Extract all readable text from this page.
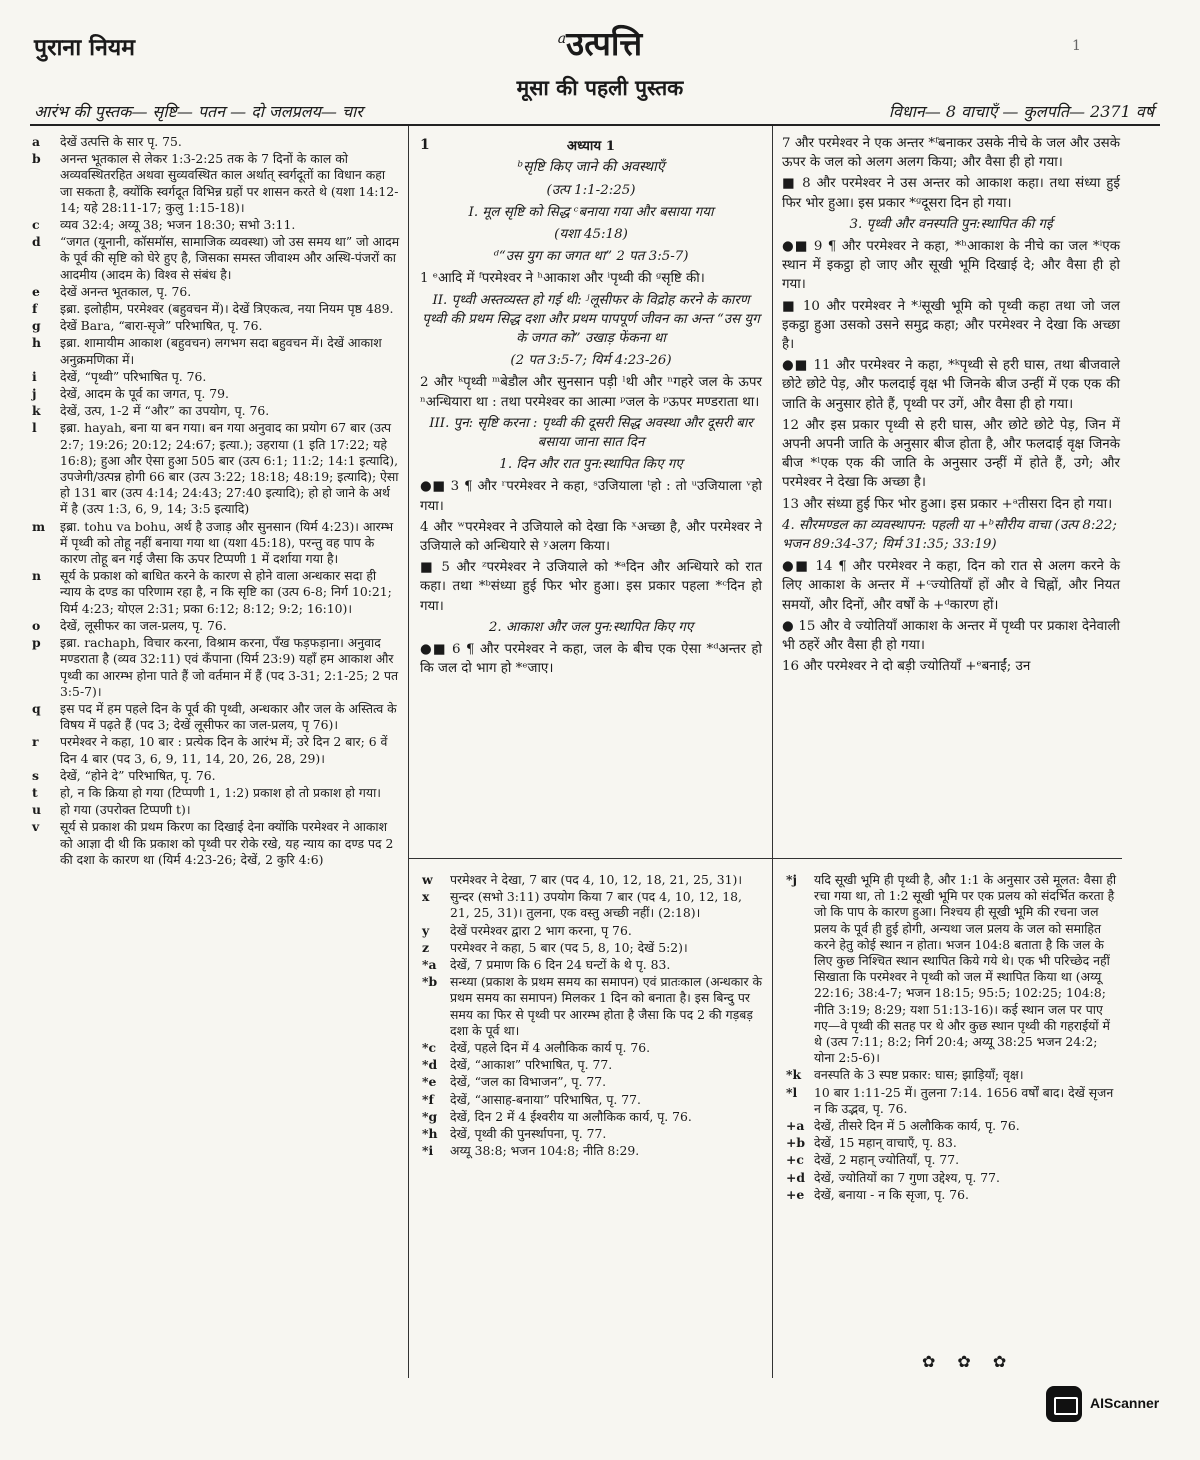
पुराना नियम	$^a$उत्पत्ति	1
मूसा की पहली पुस्तक
आरंभ की पुस्तक— सृष्टि— पतन — दो जलप्रलय— चार	विधान— 8 वाचाएँ — कुलपति— 2371 वर्ष
a देखें उत्पत्ति के सार पृ. 75.
b अनन्त भूतकाल से लेकर 1:3-2:25 तक के 7 दिनों के काल को अव्यवस्थितरहित अथवा सुव्यवस्थित काल अर्थात् स्वर्गदूतों का विधान कहा जा सकता है, क्योंकि स्वर्गदूत विभिन्न ग्रहों पर शासन करते थे (यशा 14:12-14; यहे 28:11-17; कुलु 1:15-18)।
c व्यव 32:4; अय्यू 38; भजन 18:30; सभो 3:11.
d “जगत (यूनानी, कॉसमॉस, सामाजिक व्यवस्था) जो उस समय था” जो आदम के पूर्व की सृष्टि को घेरे हुए है, जिसका समस्त जीवाश्म और अस्थि-पंजरों का आदमीय (आदम के) विश्व से संबंध है।
e देखें अनन्त भूतकाल, पृ. 76.
f इब्रा. इलोहीम, परमेश्वर (बहुवचन में)। देखें त्रिएकत्व, नया नियम पृष्ठ 489.
g देखें Bara, “बारा-सृजे” परिभाषित, पृ. 76.
h इब्रा. शामायीम आकाश (बहुवचन) लगभग सदा बहुवचन में। देखें आकाश अनुक्रमणिका में।
i देखें, “पृथ्वी” परिभाषित पृ. 76.
j देखें, आदम के पूर्व का जगत, पृ. 79.
k देखें, उत्प, 1-2 में “और” का उपयोग, पृ. 76.
l इब्रा. hayah, बना या बन गया। बन गया अनुवाद का प्रयोग 67 बार (उत्प 2:7; 19:26; 20:12; 24:67; इत्या.); उहराया (1 इति 17:22; यहे 16:8); हुआ और ऐसा हुआ 505 बार (उत्प 6:1; 11:2; 14:1 इत्यादि), उपजेगी/उत्पन्न होगी 66 बार (उत्प 3:22; 18:18; 48:19; इत्यादि); ऐसा हो 131 बार (उत्प 4:14; 24:43; 27:40 इत्यादि); हो हो जाने के अर्थ में है (उत्प 1:3, 6, 9, 14; 3:5 इत्यादि)
m इब्रा. tohu va bohu, अर्थ है उजाड़ और सुनसान (यिर्म 4:23)। आरम्भ में पृथ्वी को तोहू नहीं बनाया गया था (यशा 45:18), परन्तु वह पाप के कारण तोहू बन गई जैसा कि ऊपर टिप्पणी 1 में दर्शाया गया है।
n सूर्य के प्रकाश को बाधित करने के कारण से होने वाला अन्धकार सदा ही न्याय के दण्ड का परिणाम रहा है, न कि सृष्टि का (उत्प 6-8; निर्ग 10:21; यिर्म 4:23; योएल 2:31; प्रका 6:12; 8:12; 9:2; 16:10)।
o देखें, लूसीफर का जल-प्रलय, पृ. 76.
p इब्रा. rachaph, विचार करना, विश्राम करना, पँख फड़फड़ाना। अनुवाद मण्डराता है (व्यव 32:11) एवं कँपाना (यिर्म 23:9) यहाँ हम आकाश और पृथ्वी का आरम्भ होना पाते हैं जो वर्तमान में हैं (पद 3-31; 2:1-25; 2 पत 3:5-7)।
q इस पद में हम पहले दिन के पूर्व की पृथ्वी, अन्धकार और जल के अस्तित्व के विषय में पढ़ते हैं (पद 3; देखें लूसीफर का जल-प्रलय, पृ 76)।
r परमेश्वर ने कहा, 10 बार : प्रत्येक दिन के आरंभ में; उरे दिन 2 बार; 6 वें दिन 4 बार (पद 3, 6, 9, 11, 14, 20, 26, 28, 29)।
s देखें, “होने दे” परिभाषित, पृ. 76.
t हो, न कि क्रिया हो गया (टिप्पणी 1, 1:2) प्रकाश हो तो प्रकाश हो गया।
u हो गया (उपरोक्त टिप्पणी t)।
v सूर्य से प्रकाश की प्रथम किरण का दिखाई देना क्योंकि परमेश्वर ने आकाश को आज्ञा दी थी कि प्रकाश को पृथ्वी पर रोके रखे, यह न्याय का दण्ड पद 2 की दशा के कारण था (यिर्म 4:23-26; देखें, 2 कुरि 4:6)
1	अध्याय 1
ᵇसृष्टि किए जाने की अवस्थाएँ
(उत्प 1:1-2:25)
I. मूल सृष्टि को सिद्ध ᶜबनाया गया और बसाया गया
(यशा 45:18)
ᵈ“उस युग का जगत था” 2 पत 3:5-7)
1 ᵉआदि में ᶠपरमेश्वर ने ʰआकाश और ⁱपृथ्वी की ᵍसृष्टि की।
II. पृथ्वी अस्तव्यस्त हो गई थी: ʲलूसीफर के विद्रोह करने के कारण पृथ्वी की प्रथम सिद्ध दशा और प्रथम पापपूर्ण जीवन का अन्त “उस युग के जगत को” उखाड़ फेंकना था
(2 पत 3:5-7; यिर्म 4:23-26)
2 और ᵏपृथ्वी ᵐबेडौल और सुनसान पड़ी ˡथी और ⁿगहरे जल के ऊपर ⁿअन्धियारा था : तथा परमेश्वर का आत्मा ᵖजल के ᵖऊपर मण्डराता था।
III. पुन: सृष्टि करना : पृथ्वी की दूसरी सिद्ध अवस्था और दूसरी बार बसाया जाना सात दिन
1. दिन और रात पुन:स्थापित किए गए
●■ 3 ¶ और ʳपरमेश्वर ने कहा, ˢउजियाला ᵗहो : तो ᵘउजियाला ᵛहो गया।
4 और ʷपरमेश्वर ने उजियाले को देखा कि ˣअच्छा है, और परमेश्वर ने उजियाले को अन्धियारे से ʸअलग किया।
■ 5 और ᶻपरमेश्वर ने उजियाले को *ᵃदिन और अन्धियारे को रात कहा। तथा *ᵇसंध्या हुई फिर भोर हुआ। इस प्रकार पहला *ᶜदिन हो गया।
2. आकाश और जल पुन:स्थापित किए गए
●■ 6 ¶ और परमेश्वर ने कहा, जल के बीच एक ऐसा *ᵈअन्तर हो कि जल दो भाग हो *ᵉजाए।
7 और परमेश्वर ने एक अन्तर *ᶠबनाकर उसके नीचे के जल और उसके ऊपर के जल को अलग अलग किया; और वैसा ही हो गया।
■ 8 और परमेश्वर ने उस अन्तर को आकाश कहा। तथा संध्या हुई फिर भोर हुआ। इस प्रकार *ᵍदूसरा दिन हो गया।
3. पृथ्वी और वनस्पति पुन:स्थापित की गई
●■ 9 ¶ और परमेश्वर ने कहा, *ʰआकाश के नीचे का जल *ⁱएक स्थान में इकट्ठा हो जाए और सूखी भूमि दिखाई दे; और वैसा ही हो गया।
■ 10 और परमेश्वर ने *ʲसूखी भूमि को पृथ्वी कहा तथा जो जल इकट्ठा हुआ उसको उसने समुद्र कहा; और परमेश्वर ने देखा कि अच्छा है।
●■ 11 और परमेश्वर ने कहा, *ᵏपृथ्वी से हरी घास, तथा बीजवाले छोटे छोटे पेड़, और फलदाई वृक्ष भी जिनके बीज उन्हीं में एक एक की जाति के अनुसार होते हैं, पृथ्वी पर उगें, और वैसा ही हो गया।
12 और इस प्रकार पृथ्वी से हरी घास, और छोटे छोटे पेड़, जिन में अपनी अपनी जाति के अनुसार बीज होता है, और फलदाई वृक्ष जिनके बीज *ˡएक एक की जाति के अनुसार उन्हीं में होते हैं, उगे; और परमेश्वर ने देखा कि अच्छा है।
13 और संध्या हुई फिर भोर हुआ। इस प्रकार +ᵃतीसरा दिन हो गया।
4. सौरमण्डल का व्यवस्थापन: पहली या +ᵇसौरीय वाचा (उत्प 8:22; भजन 89:34-37; यिर्म 31:35; 33:19)
●■ 14 ¶ और परमेश्वर ने कहा, दिन को रात से अलग करने के लिए आकाश के अन्तर में +ᶜज्योतियाँ हों और वे चिह्नों, और नियत समयों, और दिनों, और वर्षों के +ᵈकारण हों।
● 15 और वे ज्योतियाँ आकाश के अन्तर में पृथ्वी पर प्रकाश देनेवाली भी ठहरें और वैसा ही हो गया।
16 और परमेश्वर ने दो बड़ी ज्योतियाँ +ᵉबनाईं; उन
w परमेश्वर ने देखा, 7 बार (पद 4, 10, 12, 18, 21, 25, 31)।
x सुन्दर (सभो 3:11) उपयोग किया 7 बार (पद 4, 10, 12, 18, 21, 25, 31)। तुलना, एक वस्तु अच्छी नहीं। (2:18)।
y देखें परमेश्वर द्वारा 2 भाग करना, पृ 76.
z परमेश्वर ने कहा, 5 बार (पद 5, 8, 10; देखें 5:2)।
*a देखें, 7 प्रमाण कि 6 दिन 24 घन्टों के थे पृ. 83.
*b सन्ध्या (प्रकाश के प्रथम समय का समापन) एवं प्रातःकाल (अन्धकार के प्रथम समय का समापन) मिलकर 1 दिन को बनाता है। इस बिन्दु पर समय का फिर से पृथ्वी पर आरम्भ होता है जैसा कि पद 2 की गड़बड़ दशा के पूर्व था।
*c देखें, पहले दिन में 4 अलौकिक कार्य पृ. 76.
*d देखें, “आकाश” परिभाषित, पृ. 77.
*e देखें, “जल का विभाजन”, पृ. 77.
*f देखें, “आसाह-बनाया” परिभाषित, पृ. 77.
*g देखें, दिन 2 में 4 ईश्वरीय या अलौकिक कार्य, पृ. 76.
*h देखें, पृथ्वी की पुनर्स्थापना, पृ. 77.
*i अय्यू 38:8; भजन 104:8; नीति 8:29.
*j यदि सूखी भूमि ही पृथ्वी है, और 1:1 के अनुसार उसे मूलत: वैसा ही रचा गया था, तो 1:2 सूखी भूमि पर एक प्रलय को संदर्भित करता है जो कि पाप के कारण हुआ। निश्चय ही सूखी भूमि की रचना जल प्रलय के पूर्व ही हुई होगी, अन्यथा जल प्रलय के जल को समाहित करने हेतु कोई स्थान न होता। भजन 104:8 बताता है कि जल के लिए कुछ निश्चित स्थान स्थापित किये गये थे। एक भी परिच्छेद नहीं सिखाता कि परमेश्वर ने पृथ्वी को जल में स्थापित किया था (अय्यू 22:16; 38:4-7; भजन 18:15; 95:5; 102:25; 104:8; नीति 3:19; 8:29; यशा 51:13-16)। कई स्थान जल पर पाए गए—वे पृथ्वी की सतह पर थे और कुछ स्थान पृथ्वी की गहराईयों में थे (उत्प 7:11; 8:2; निर्ग 20:4; अय्यू 38:25 भजन 24:2; योना 2:5-6)।
*k वनस्पति के 3 स्पष्ट प्रकार: घास; झाड़ियाँ; वृक्ष।
*l 10 बार 1:11-25 में। तुलना 7:14. 1656 वर्षों बाद। देखें सृजन न कि उद्भव, पृ. 76.
+a देखें, तीसरे दिन में 5 अलौकिक कार्य, पृ. 76.
+b देखें, 15 महान् वाचाएँ, पृ. 83.
+c देखें, 2 महान् ज्योतियाँ, पृ. 77.
+d देखें, ज्योतियों का 7 गुणा उद्देश्य, पृ. 77.
+e देखें, बनाया - न कि सृजा, पृ. 76.
✿✿✿
AIScanner
